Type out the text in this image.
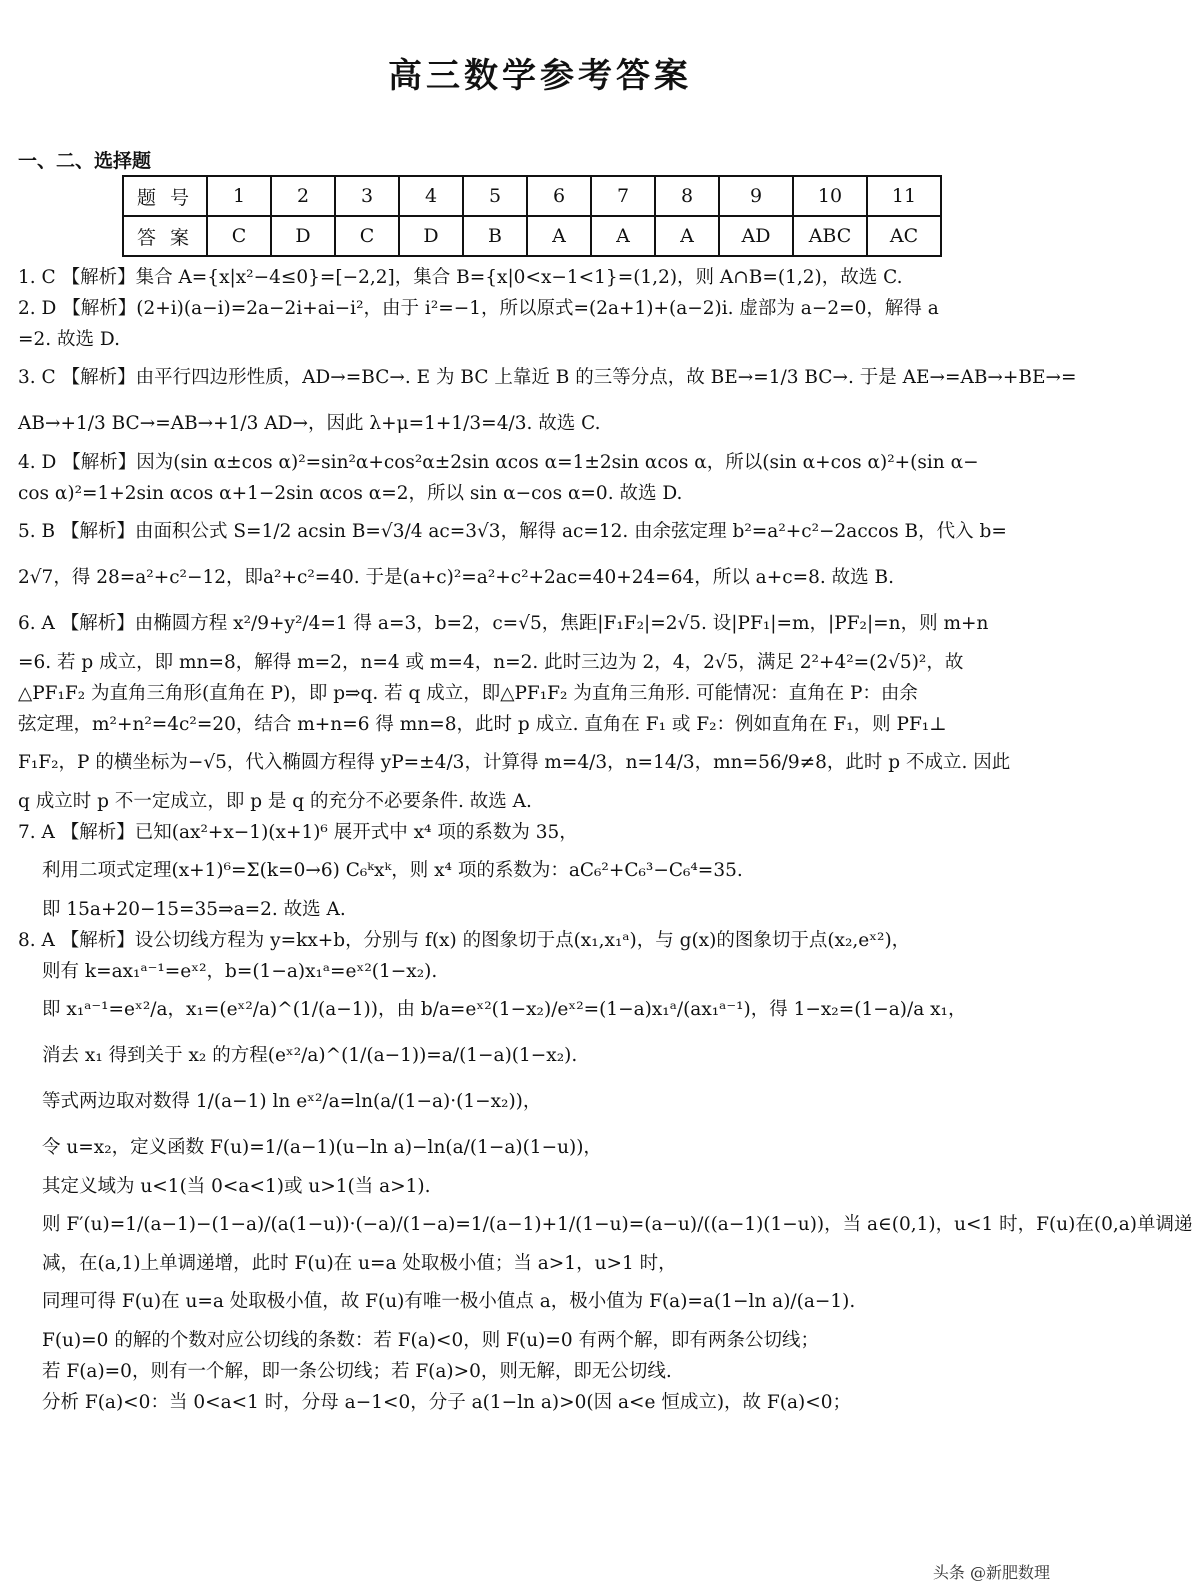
高三数学参考答案
一、二、选择题
题 号	1	2	3	4	5	6	7	8	9	10	11
答 案	C	D	C	D	B	A	A	A	AD	ABC	AC
1. C 【解析】集合 A={x|x²−4≤0}=[−2,2]，集合 B={x|0<x−1<1}=(1,2)，则 A∩B=(1,2)，故选 C.
2. D 【解析】(2+i)(a−i)=2a−2i+ai−i²，由于 i²=−1，所以原式=(2a+1)+(a−2)i. 虚部为 a−2=0，解得 a
=2. 故选 D.
3. C 【解析】由平行四边形性质，AD→=BC→. E 为 BC 上靠近 B 的三等分点，故 BE→=1/3 BC→. 于是 AE→=AB→+BE→=
AB→+1/3 BC→=AB→+1/3 AD→，因此 λ+μ=1+1/3=4/3. 故选 C.
4. D 【解析】因为(sin α±cos α)²=sin²α+cos²α±2sin αcos α=1±2sin αcos α，所以(sin α+cos α)²+(sin α−
cos α)²=1+2sin αcos α+1−2sin αcos α=2，所以 sin α−cos α=0. 故选 D.
5. B 【解析】由面积公式 S=1/2 acsin B=√3/4 ac=3√3，解得 ac=12. 由余弦定理 b²=a²+c²−2accos B，代入 b=
2√7，得 28=a²+c²−12，即a²+c²=40. 于是(a+c)²=a²+c²+2ac=40+24=64，所以 a+c=8. 故选 B.
6. A 【解析】由椭圆方程 x²/9+y²/4=1 得 a=3，b=2，c=√5，焦距|F₁F₂|=2√5. 设|PF₁|=m，|PF₂|=n，则 m+n
=6. 若 p 成立，即 mn=8，解得 m=2，n=4 或 m=4，n=2. 此时三边为 2，4，2√5，满足 2²+4²=(2√5)²，故
△PF₁F₂ 为直角三角形(直角在 P)，即 p⇒q. 若 q 成立，即△PF₁F₂ 为直角三角形. 可能情况：直角在 P：由余
弦定理，m²+n²=4c²=20，结合 m+n=6 得 mn=8，此时 p 成立. 直角在 F₁ 或 F₂：例如直角在 F₁，则 PF₁⊥
F₁F₂，P 的横坐标为−√5，代入椭圆方程得 yP=±4/3，计算得 m=4/3，n=14/3，mn=56/9≠8，此时 p 不成立. 因此
q 成立时 p 不一定成立，即 p 是 q 的充分不必要条件. 故选 A.
7. A 【解析】已知(ax²+x−1)(x+1)⁶ 展开式中 x⁴ 项的系数为 35，
利用二项式定理(x+1)⁶=Σ(k=0→6) C₆ᵏxᵏ，则 x⁴ 项的系数为：aC₆²+C₆³−C₆⁴=35.
即 15a+20−15=35⇒a=2. 故选 A.
8. A 【解析】设公切线方程为 y=kx+b，分别与 f(x) 的图象切于点(x₁,x₁ᵃ)，与 g(x)的图象切于点(x₂,eˣ²)，
则有 k=ax₁ᵃ⁻¹=eˣ²，b=(1−a)x₁ᵃ=eˣ²(1−x₂).
即 x₁ᵃ⁻¹=eˣ²/a，x₁=(eˣ²/a)^(1/(a−1))，由 b/a=eˣ²(1−x₂)/eˣ²=(1−a)x₁ᵃ/(ax₁ᵃ⁻¹)，得 1−x₂=(1−a)/a x₁，
消去 x₁ 得到关于 x₂ 的方程(eˣ²/a)^(1/(a−1))=a/(1−a)(1−x₂).
等式两边取对数得 1/(a−1) ln eˣ²/a=ln(a/(1−a)·(1−x₂))，
令 u=x₂，定义函数 F(u)=1/(a−1)(u−ln a)−ln(a/(1−a)(1−u))，
其定义域为 u<1(当 0<a<1)或 u>1(当 a>1).
则 F′(u)=1/(a−1)−(1−a)/(a(1−u))·(−a)/(1−a)=1/(a−1)+1/(1−u)=(a−u)/((a−1)(1−u))，当 a∈(0,1)，u<1 时，F(u)在(0,a)单调递
减，在(a,1)上单调递增，此时 F(u)在 u=a 处取极小值；当 a>1，u>1 时，
同理可得 F(u)在 u=a 处取极小值，故 F(u)有唯一极小值点 a，极小值为 F(a)=a(1−ln a)/(a−1).
F(u)=0 的解的个数对应公切线的条数：若 F(a)<0，则 F(u)=0 有两个解，即有两条公切线；
若 F(a)=0，则有一个解，即一条公切线；若 F(a)>0，则无解，即无公切线.
分析 F(a)<0：当 0<a<1 时，分母 a−1<0，分子 a(1−ln a)>0(因 a<e 恒成立)，故 F(a)<0；
头条 @新肥数理
